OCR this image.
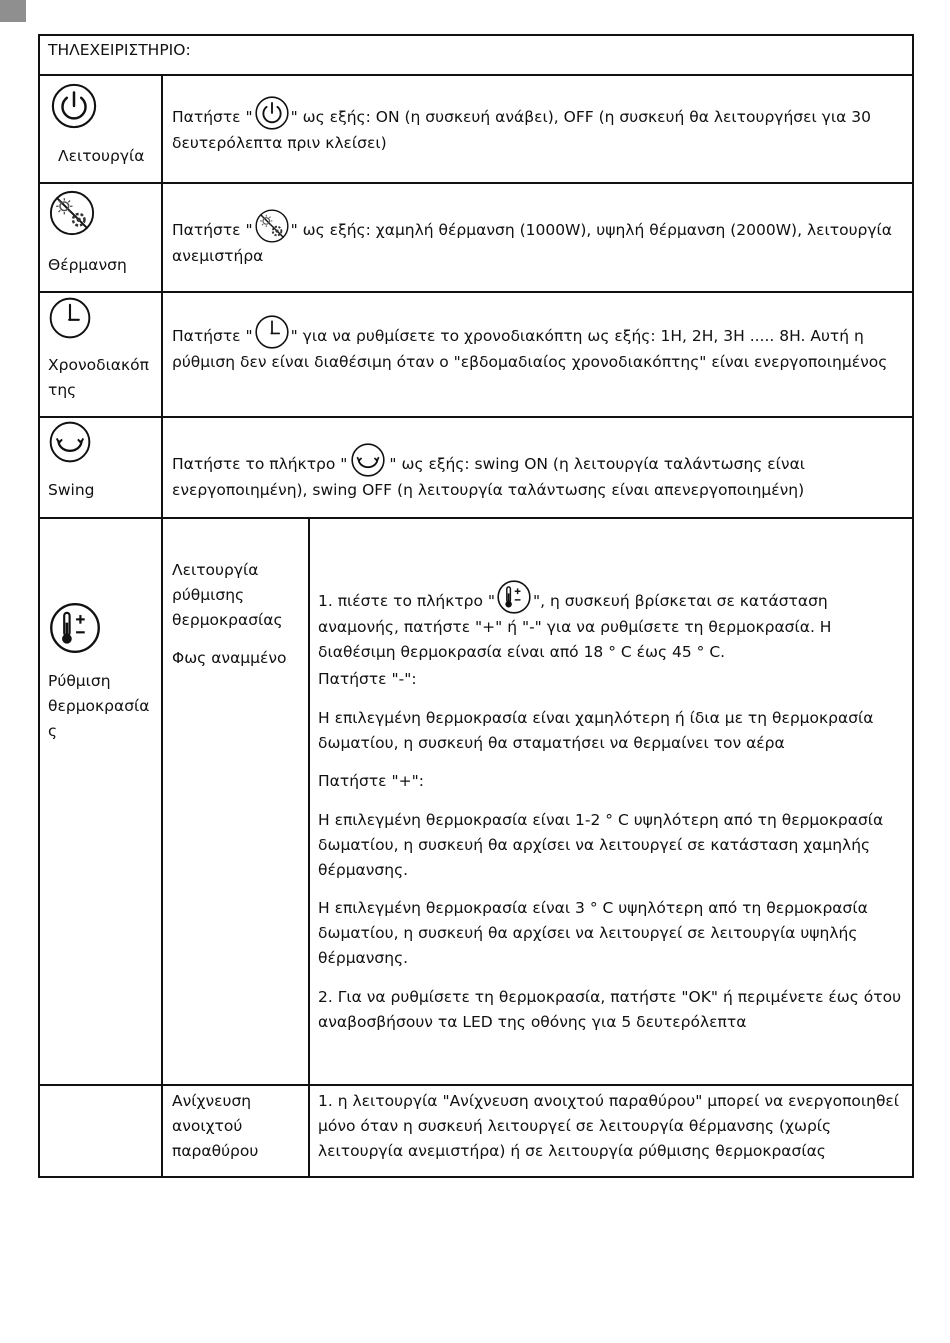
ΤΗΛΕΧΕΙΡΙΣΤΗΡΙΟ:
Λειτουργία
Πατήστε " " ως εξής: ON (η συσκευή ανάβει), OFF (η συσκευή θα λειτουργήσει για 30 δευτερόλεπτα πριν κλείσει)
Θέρμανση
Πατήστε " " ως εξής: χαμηλή θέρμανση (1000W), υψηλή θέρμανση (2000W), λειτουργία ανεμιστήρα

Χρονοδιακόπ

της

Πατήστε " " για να ρυθμίσετε το χρονοδιακόπτη ως εξής: 1H, 2H, 3H ..... 8H. Αυτή η ρύθμιση δεν είναι διαθέσιμη όταν ο "εβδομαδιαίος χρονοδιακόπτης" είναι ενεργοποιημένος
Swing
Πατήστε το πλήκτρο "	" ως εξής: swing ON (η λειτουργία ταλάντωσης είναι ενεργοποιημένη), swing OFF (η λειτουργία ταλάντωσης είναι απενεργοποιημένη)

Ρύθμιση

θερμοκρασία

ς

Λειτουργία

ρύθμισης

θερμοκρασίας

Φως αναμμένο
1. πιέστε το πλήκτρο " ", η συσκευή βρίσκεται σε κατάσταση αναμονής, πατήστε "+" ή "-" για να ρυθμίσετε τη θερμοκρασία. Η διαθέσιμη θερμοκρασία είναι από 18 ° C έως 45 ° C.
Πατήστε "-":
Η επιλεγμένη θερμοκρασία είναι χαμηλότερη ή ίδια με τη θερμοκρασία δωματίου, η συσκευή θα σταματήσει να θερμαίνει τον αέρα
Πατήστε "+":
Η επιλεγμένη θερμοκρασία είναι 1-2 ° C υψηλότερη από τη θερμοκρασία δωματίου, η συσκευή θα αρχίσει να λειτουργεί σε κατάσταση χαμηλής θέρμανσης.
Η επιλεγμένη θερμοκρασία είναι 3 ° C υψηλότερη από τη θερμοκρασία δωματίου, η συσκευή θα αρχίσει να λειτουργεί σε λειτουργία υψηλής θέρμανσης.
2. Για να ρυθμίσετε τη θερμοκρασία, πατήστε "OK" ή περιμένετε έως ότου αναβοσβήσουν τα LED της οθόνης για 5 δευτερόλεπτα

Ανίχνευση

ανοιχτού

παραθύρου

1. η λειτουργία "Ανίχνευση ανοιχτού παραθύρου" μπορεί να ενεργοποιηθεί μόνο όταν η συσκευή λειτουργεί σε λειτουργία θέρμανσης (χωρίς λειτουργία ανεμιστήρα) ή σε λειτουργία ρύθμισης θερμοκρασίας
